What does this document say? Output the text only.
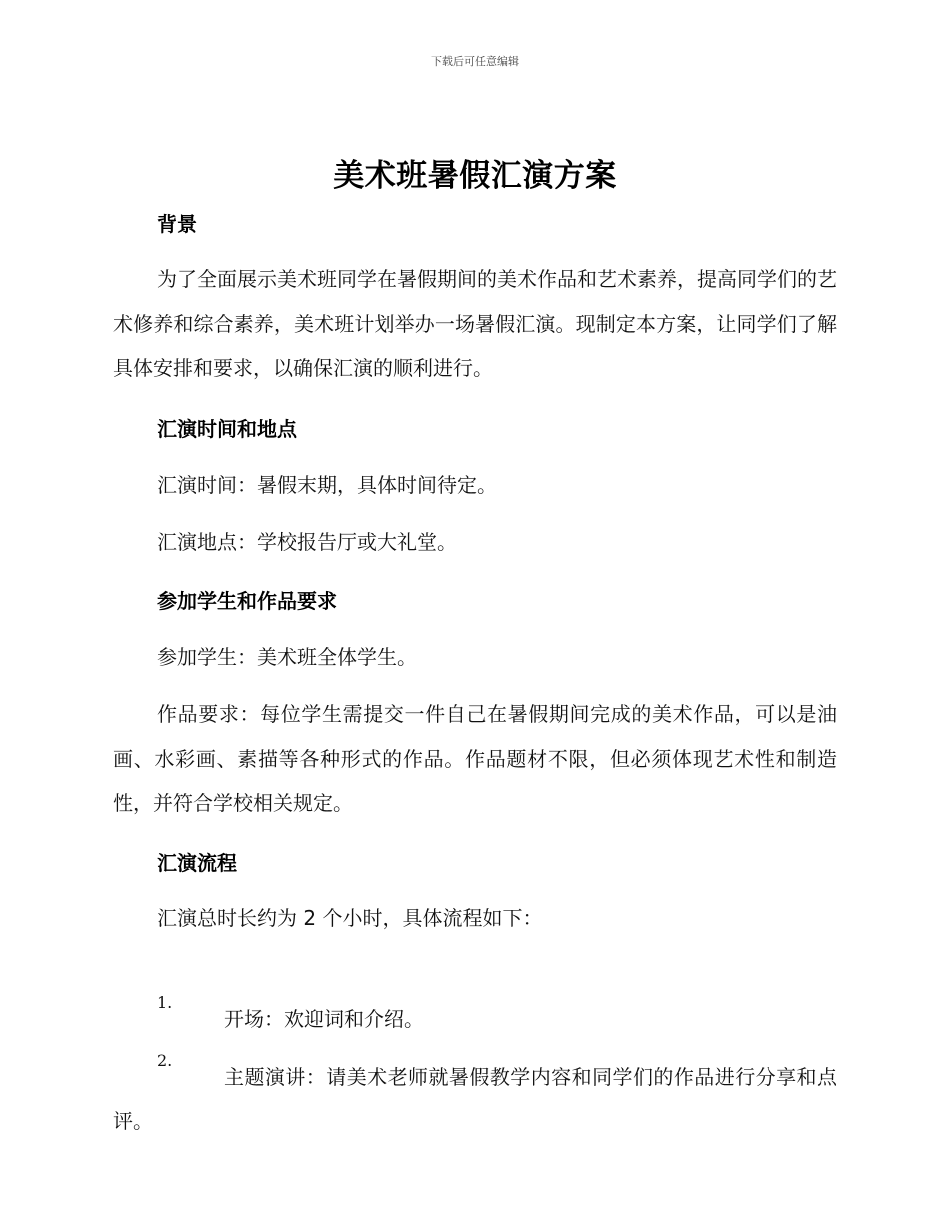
下载后可任意编辑
美术班暑假汇演方案
背景
为了全面展示美术班同学在暑假期间的美术作品和艺术素养，提高同学们的艺术修养和综合素养，美术班计划举办一场暑假汇演。现制定本方案，让同学们了解具体安排和要求，以确保汇演的顺利进行。
汇演时间和地点
汇演时间：暑假末期，具体时间待定。
汇演地点：学校报告厅或大礼堂。
参加学生和作品要求
参加学生：美术班全体学生。
作品要求：每位学生需提交一件自己在暑假期间完成的美术作品，可以是油画、水彩画、素描等各种形式的作品。作品题材不限，但必须体现艺术性和制造性，并符合学校相关规定。
汇演流程
汇演总时长约为 2 个小时，具体流程如下：
1.
开场：欢迎词和介绍。
2.
主题演讲：请美术老师就暑假教学内容和同学们的作品进行分享和点评。
